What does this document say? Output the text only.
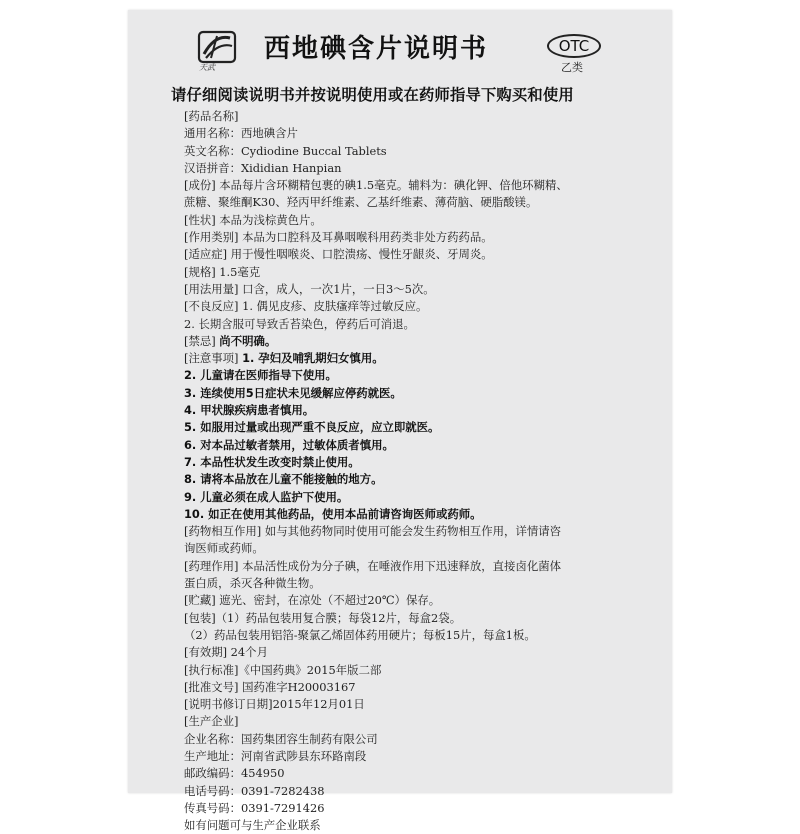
天武
西地碘含片说明书	OTC
乙类
请仔细阅读说明书并按说明使用或在药师指导下购买和使用
[药品名称]
通用名称：西地碘含片
英文名称：Cydiodine Buccal Tablets
汉语拼音：Xididian Hanpian
[成份] 本品每片含环糊精包裹的碘1.5毫克。辅料为：碘化钾、倍他环糊精、
蔗糖、聚维酮K30、羟丙甲纤维素、乙基纤维素、薄荷脑、硬脂酸镁。
[性状] 本品为浅棕黄色片。
[作用类别] 本品为口腔科及耳鼻咽喉科用药类非处方药药品。
[适应症] 用于慢性咽喉炎、口腔溃疡、慢性牙龈炎、牙周炎。
[规格] 1.5毫克
[用法用量] 口含，成人，一次1片，一日3～5次。
[不良反应] 1. 偶见皮疹、皮肤瘙痒等过敏反应。
2. 长期含服可导致舌苔染色，停药后可消退。
[禁忌] 尚不明确。
[注意事项] 1. 孕妇及哺乳期妇女慎用。
2. 儿童请在医师指导下使用。
3. 连续使用5日症状未见缓解应停药就医。
4. 甲状腺疾病患者慎用。
5. 如服用过量或出现严重不良反应，应立即就医。
6. 对本品过敏者禁用，过敏体质者慎用。
7. 本品性状发生改变时禁止使用。
8. 请将本品放在儿童不能接触的地方。
9. 儿童必须在成人监护下使用。
10. 如正在使用其他药品，使用本品前请咨询医师或药师。
[药物相互作用] 如与其他药物同时使用可能会发生药物相互作用，详情请咨
询医师或药师。
[药理作用] 本品活性成份为分子碘，在唾液作用下迅速释放，直接卤化菌体
蛋白质，杀灭各种微生物。
[贮藏] 遮光、密封，在凉处（不超过20℃）保存。
[包装]（1）药品包装用复合膜；每袋12片，每盒2袋。
（2）药品包装用铝箔-聚氯乙烯固体药用硬片；每板15片，每盒1板。
[有效期] 24个月
[执行标准]《中国药典》2015年版二部
[批准文号] 国药准字H20003167
[说明书修订日期]2015年12月01日
[生产企业]
企业名称：国药集团容生制药有限公司
生产地址：河南省武陟县东环路南段
邮政编码：454950
电话号码：0391-7282438
传真号码：0391-7291426
如有问题可与生产企业联系
